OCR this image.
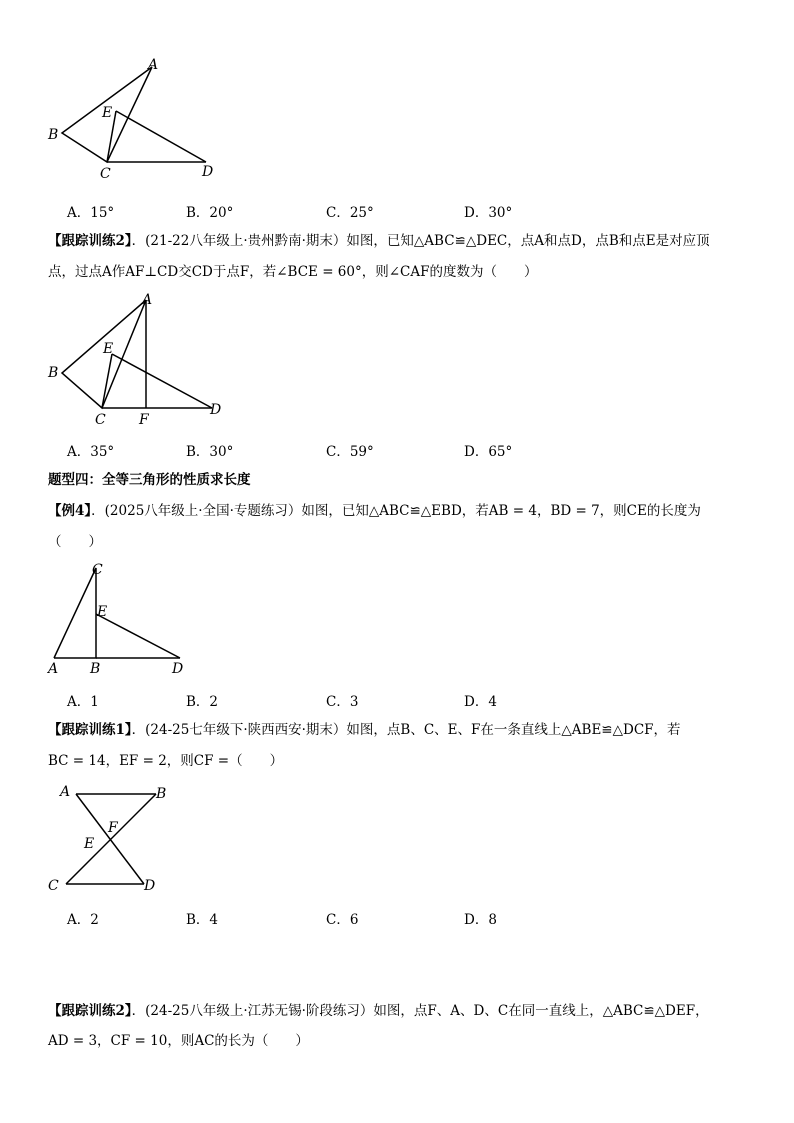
A
B
C	D
E
A．15°	B．20°	C．25°	D．30°
【跟踪训练2】．(21-22八年级上·贵州黔南·期末）如图，已知△ABC≌△DEC，点A和点D，点B和点E是对应顶
点，过点A作AF⊥CD交CD于点F，若∠BCE = 60°，则∠CAF的度数为（　　）
A
B
C
D
E
F
A．35°	B．30°	C．59°	D．65°
题型四：全等三角形的性质求长度
【例4】．(2025八年级上·全国·专题练习）如图，已知△ABC≌△EBD，若AB = 4，BD = 7，则CE的长度为
（　　）
C
A B	D
E
A．1	B．2	C．3	D．4
【跟踪训练1】．(24-25七年级下·陕西西安·期末）如图，点B、C、E、F在一条直线上△ABE≌△DCF，若
BC = 14，EF = 2，则CF =（　　）
A	B
C	D
E
F
A．2	B．4	C．6	D．8
【跟踪训练2】．(24-25八年级上·江苏无锡·阶段练习）如图，点F、A、D、C在同一直线上，△ABC≌△DEF，
AD = 3，CF = 10，则AC的长为（　　）
